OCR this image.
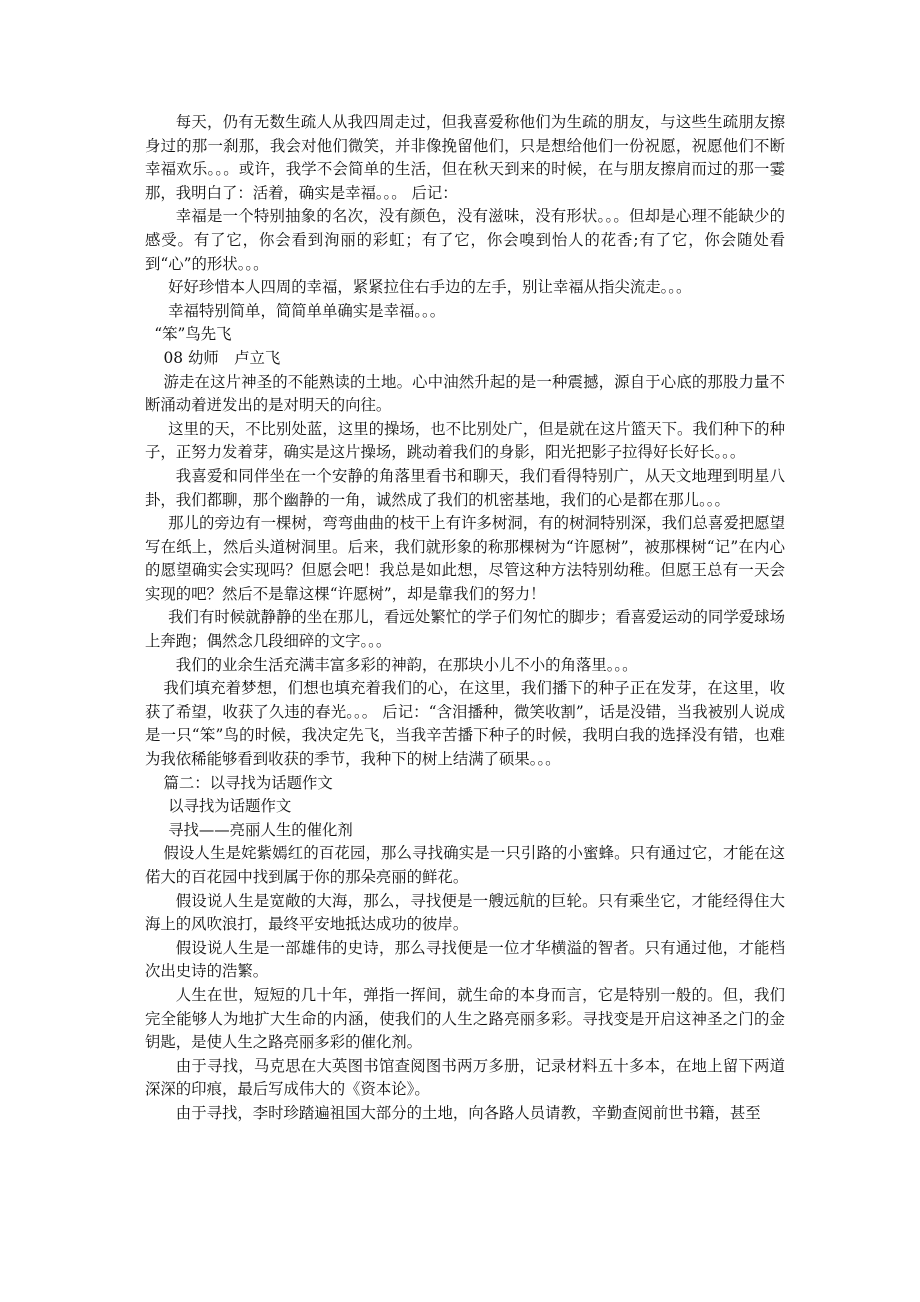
每天，仍有无数生疏人从我四周走过，但我喜爱称他们为生疏的朋友，与这些生疏朋友擦身过的那一刹那，我会对他们微笑，并非像挽留他们，只是想给他们一份祝愿，祝愿他们不断幸福欢乐。。。或许，我学不会简单的生活，但在秋天到来的时候，在与朋友擦肩而过的那一霎那，我明白了：活着，确实是幸福。。。 后记：

幸福是一个特别抽象的名次，没有颜色，没有滋味，没有形状。。。但却是心理不能缺少的感受。有了它，你会看到洵丽的彩虹；有了它，你会嗅到怡人的花香;有了它，你会随处看到“心”的形状。。。

好好珍惜本人四周的幸福，紧紧拉住右手边的左手，别让幸福从指尖流走。。。

幸福特别简单，简简单单确实是幸福。。。

“笨”鸟先飞

08 幼师　卢立飞

游走在这片神圣的不能熟读的土地。心中油然升起的是一种震撼，源自于心底的那股力量不断涌动着迸发出的是对明天的向往。

这里的天，不比别处蓝，这里的操场，也不比别处广，但是就在这片篮天下。我们种下的种子，正努力发着芽，确实是这片操场，跳动着我们的身影，阳光把影子拉得好长好长。。。

我喜爱和同伴坐在一个安静的角落里看书和聊天，我们看得特别广，从天文地理到明星八卦，我们都聊，那个幽静的一角，诚然成了我们的机密基地，我们的心是都在那儿。。。

那儿的旁边有一棵树，弯弯曲曲的枝干上有许多树洞，有的树洞特别深，我们总喜爱把愿望写在纸上，然后头道树洞里。后来，我们就形象的称那棵树为“许愿树”，被那棵树“记”在内心的愿望确实会实现吗？但愿会吧！我总是如此想，尽管这种方法特别幼稚。但愿王总有一天会实现的吧？然后不是靠这棵“许愿树”，却是靠我们的努力！

我们有时候就静静的坐在那儿，看远处繁忙的学子们匆忙的脚步；看喜爱运动的同学爱球场上奔跑；偶然念几段细碎的文字。。。

我们的业余生活充满丰富多彩的神韵，在那块小儿不小的角落里。。。

我们填充着梦想，们想也填充着我们的心，在这里，我们播下的种子正在发芽，在这里，收获了希望，收获了久违的春光。。。 后记：“含泪播种，微笑收割”，话是没错，当我被别人说成是一只“笨”鸟的时候，我决定先飞，当我辛苦播下种子的时候，我明白我的选择没有错，也难为我依稀能够看到收获的季节，我种下的树上结满了硕果。。。

篇二：以寻找为话题作文

以寻找为话题作文

寻找——亮丽人生的催化剂

假设人生是姹紫嫣红的百花园，那么寻找确实是一只引路的小蜜蜂。只有通过它，才能在这偌大的百花园中找到属于你的那朵亮丽的鲜花。

假设说人生是宽敞的大海，那么，寻找便是一艘远航的巨轮。只有乘坐它，才能经得住大海上的风吹浪打，最终平安地抵达成功的彼岸。

假设说人生是一部雄伟的史诗，那么寻找便是一位才华横溢的智者。只有通过他，才能档次出史诗的浩繁。

人生在世，短短的几十年，弹指一挥间，就生命的本身而言，它是特别一般的。但，我们完全能够人为地扩大生命的内涵，使我们的人生之路亮丽多彩。寻找变是开启这神圣之门的金钥匙，是使人生之路亮丽多彩的催化剂。

由于寻找，马克思在大英图书馆查阅图书两万多册，记录材料五十多本，在地上留下两道深深的印痕，最后写成伟大的《资本论》。

由于寻找，李时珍踏遍祖国大部分的土地，向各路人员请教，辛勤查阅前世书籍，甚至
